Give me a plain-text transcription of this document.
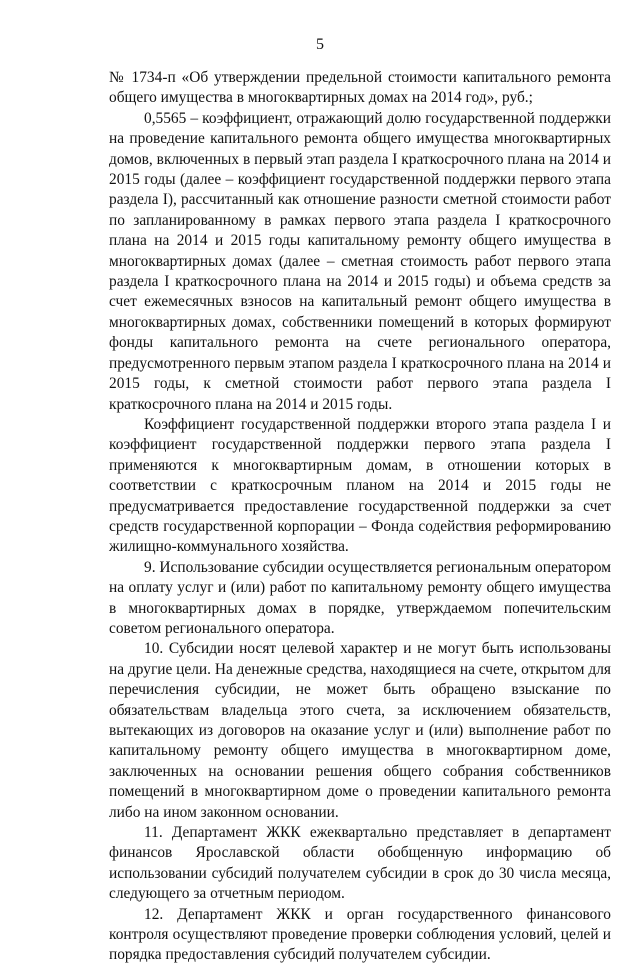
5

№ 1734-п «Об утверждении предельной стоимости капитального ремонта общего имущества в многоквартирных домах на 2014 год», руб.;

0,5565 – коэффициент, отражающий долю государственной поддержки на проведение капитального ремонта общего имущества многоквартирных домов, включенных в первый этап раздела I краткосрочного плана на 2014 и 2015 годы (далее – коэффициент государственной поддержки первого этапа раздела I), рассчитанный как отношение разности сметной стоимости работ по запланированному в рамках первого этапа раздела I краткосрочного плана на 2014 и 2015 годы капитальному ремонту общего имущества в многоквартирных домах (далее – сметная стоимость работ первого этапа раздела I краткосрочного плана на 2014 и 2015 годы) и объема средств за счет ежемесячных взносов на капитальный ремонт общего имущества в многоквартирных домах, собственники помещений в которых формируют фонды капитального ремонта на счете регионального оператора, предусмотренного первым этапом раздела I краткосрочного плана на 2014 и 2015 годы, к сметной стоимости работ первого этапа раздела I краткосрочного плана на 2014 и 2015 годы.

Коэффициент государственной поддержки второго этапа раздела I и коэффициент государственной поддержки первого этапа раздела I применяются к многоквартирным домам, в отношении которых в соответствии с краткосрочным планом на 2014 и 2015 годы не предусматривается предоставление государственной поддержки за счет средств государственной корпорации – Фонда содействия реформированию жилищно-коммунального хозяйства.

9. Использование субсидии осуществляется региональным оператором на оплату услуг и (или) работ по капитальному ремонту общего имущества в многоквартирных домах в порядке, утверждаемом попечительским советом регионального оператора.

10. Субсидии носят целевой характер и не могут быть использованы на другие цели. На денежные средства, находящиеся на счете, открытом для перечисления субсидии, не может быть обращено взыскание по обязательствам владельца этого счета, за исключением обязательств, вытекающих из договоров на оказание услуг и (или) выполнение работ по капитальному ремонту общего имущества в многоквартирном доме, заключенных на основании решения общего собрания собственников помещений в многоквартирном доме о проведении капитального ремонта либо на ином законном основании.

11. Департамент ЖКК ежеквартально представляет в департамент финансов Ярославской области обобщенную информацию об использовании субсидий получателем субсидии в срок до 30 числа месяца, следующего за отчетным периодом.

12. Департамент ЖКК и орган государственного финансового контроля осуществляют проведение проверки соблюдения условий, целей и порядка предоставления субсидий получателем субсидии.
